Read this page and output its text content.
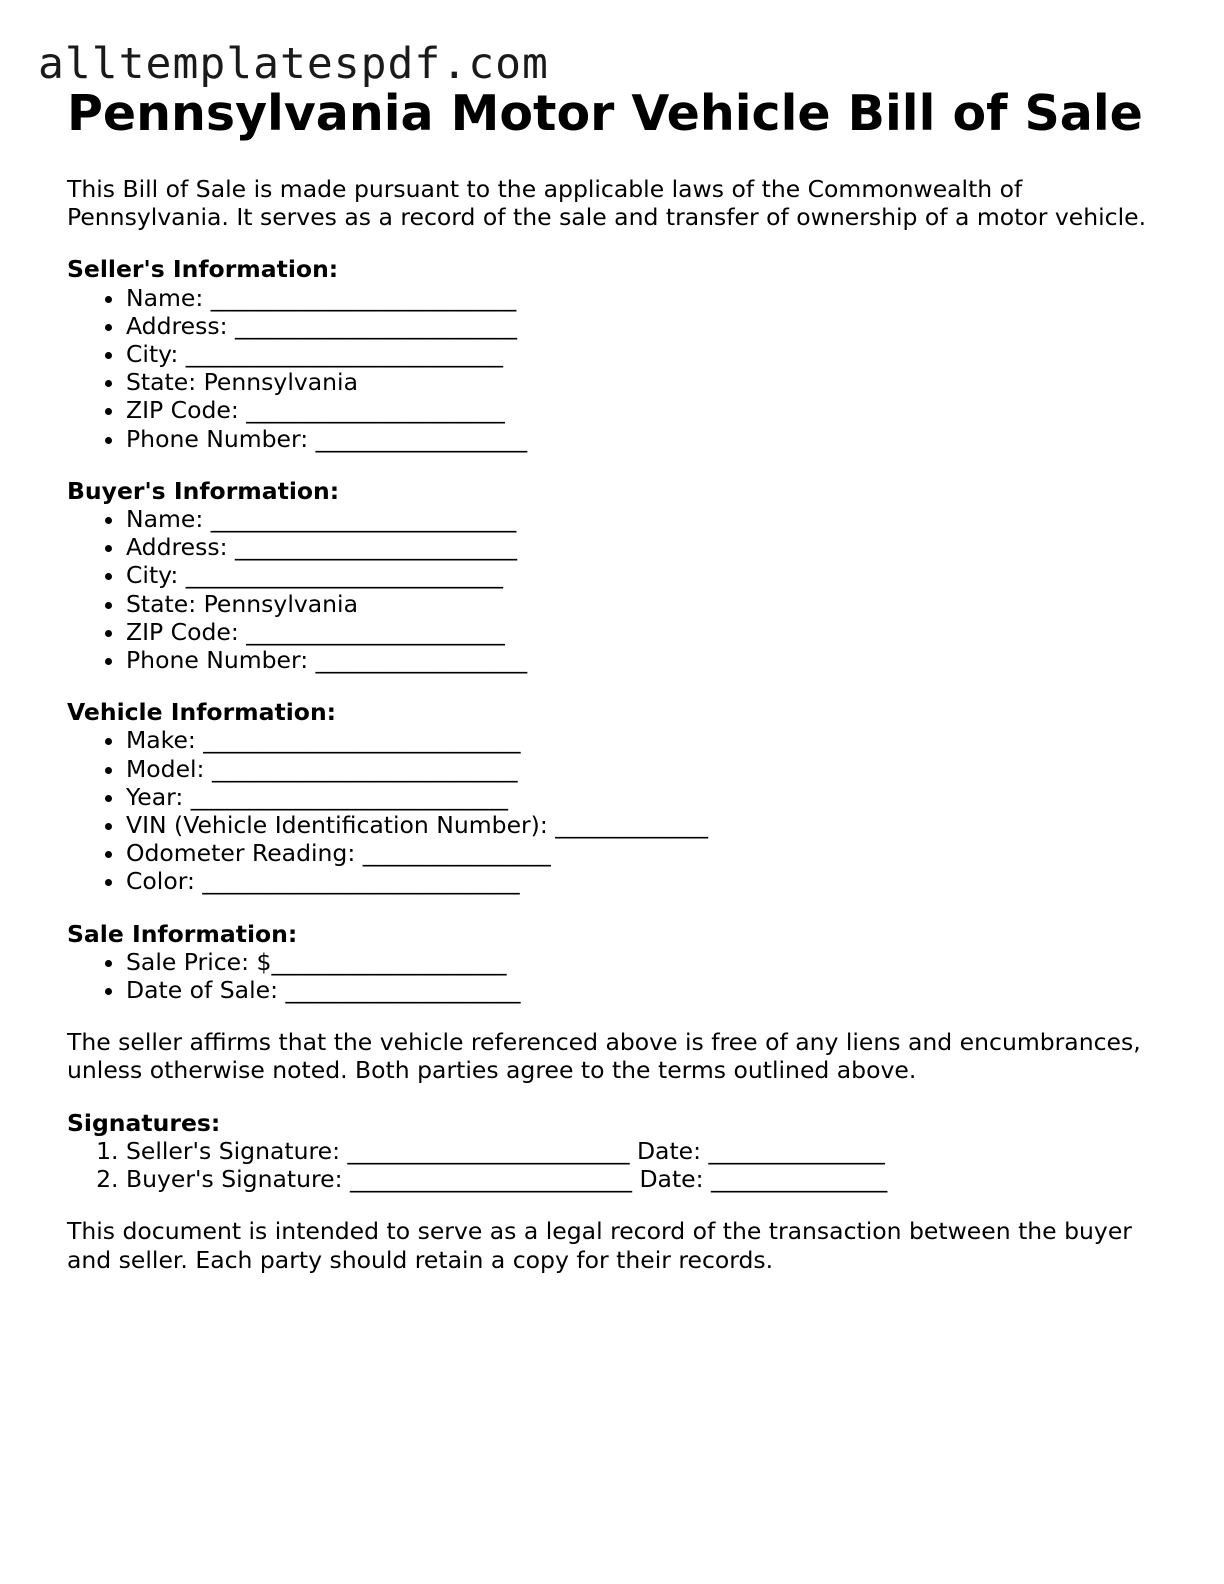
alltemplatespdf.com
Pennsylvania Motor Vehicle Bill of Sale

This Bill of Sale is made pursuant to the applicable laws of the Commonwealth of Pennsylvania. It serves as a record of the sale and transfer of ownership of a motor vehicle.

Seller's Information:

• Name: __________________________
• Address: ________________________
• City: ___________________________
• State: Pennsylvania
• ZIP Code: ______________________
• Phone Number: __________________

Buyer's Information:

• Name: __________________________
• Address: ________________________
• City: ___________________________
• State: Pennsylvania
• ZIP Code: ______________________
• Phone Number: __________________

Vehicle Information:

• Make: ___________________________
• Model: __________________________
• Year: ___________________________
• VIN (Vehicle Identification Number): _____________
• Odometer Reading: ________________
• Color: ___________________________

Sale Information:

• Sale Price: $____________________
• Date of Sale: ____________________

The seller affirms that the vehicle referenced above is free of any liens and encumbrances, unless otherwise noted. Both parties agree to the terms outlined above.

Signatures:

1. Seller's Signature: ________________________ Date: _______________
2. Buyer's Signature: ________________________ Date: _______________

This document is intended to serve as a legal record of the transaction between the buyer and seller. Each party should retain a copy for their records.
